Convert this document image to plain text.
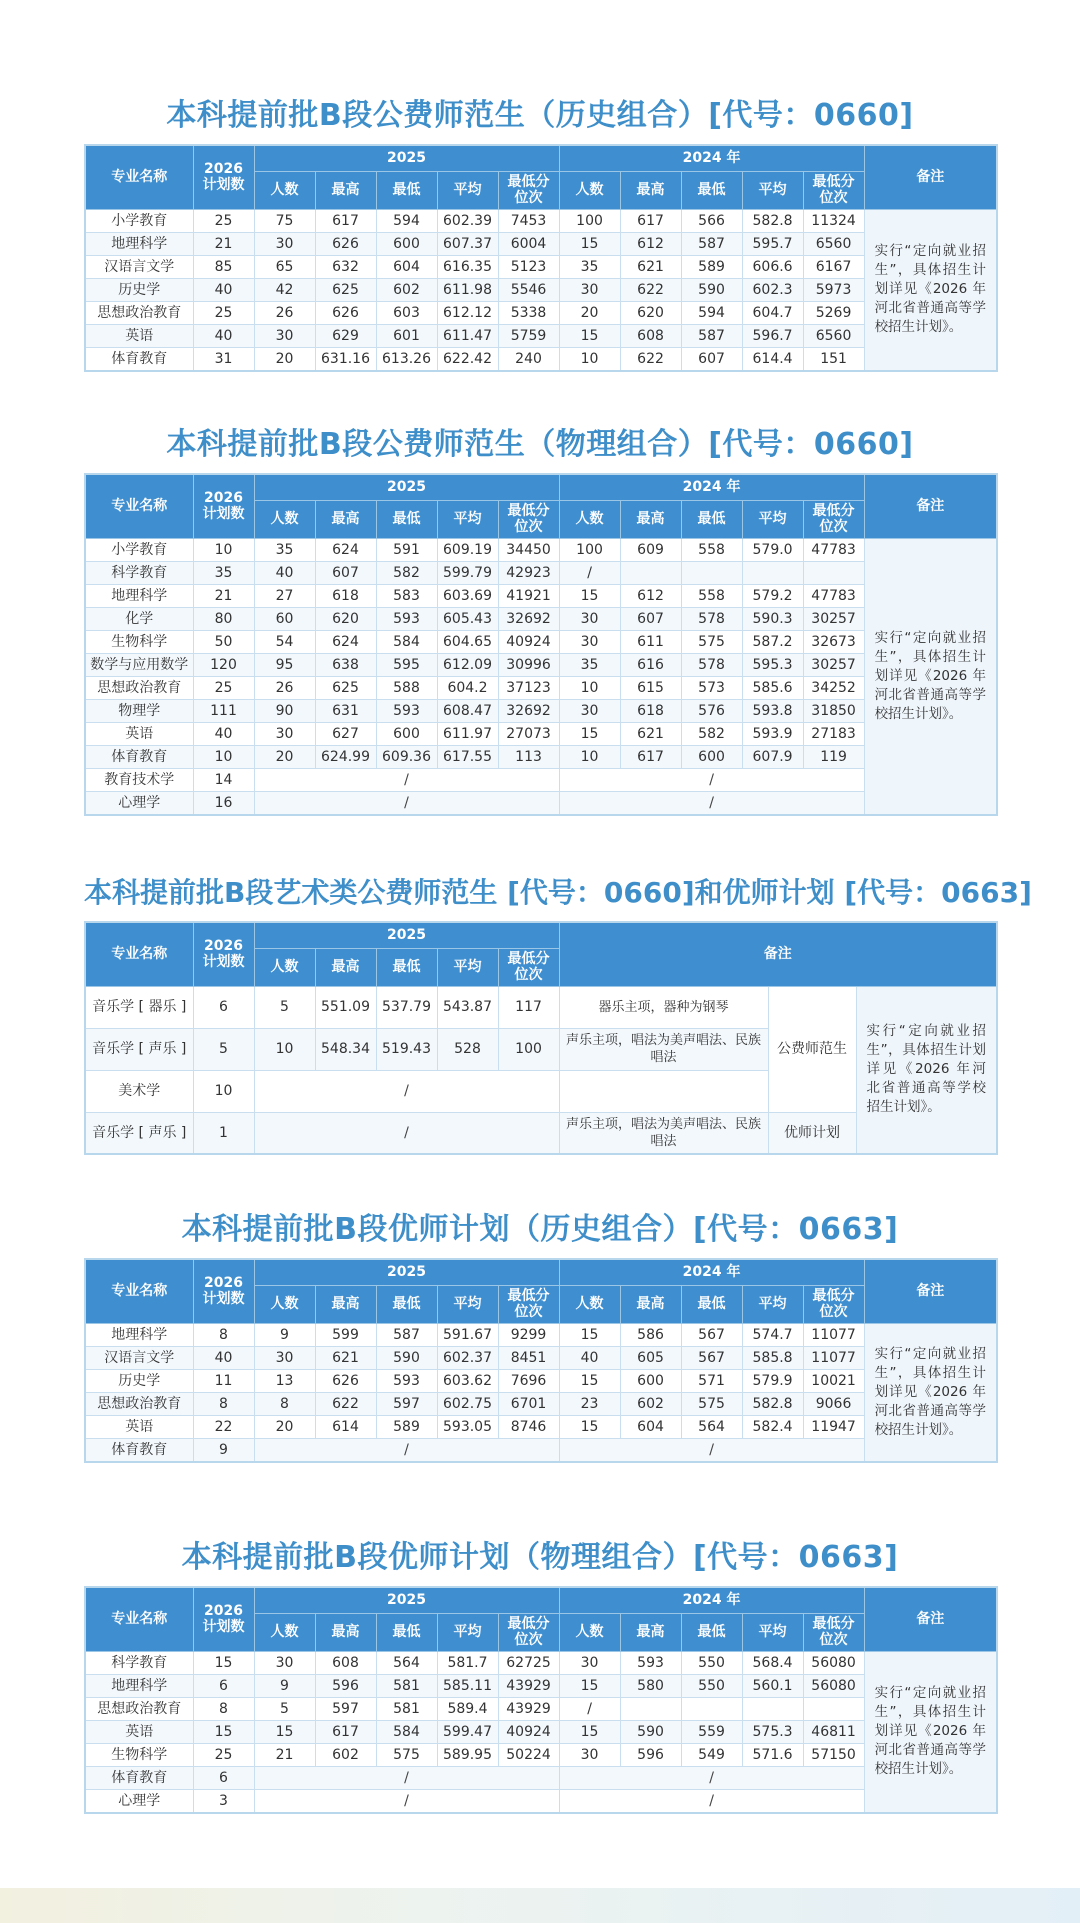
本科提前批B段公费师范生（历史组合）[代号：0660]
专业名称	2026
计划数	2025					2024 年					备注
		人数	最高	最低	平均	最低分
位次	人数	最高	最低	平均	最低分
位次	
小学教育	25	75	617	594	602.39	7453	100	617	566	582.8	11324	实行“定向就业招生”，具体招生计划详见《2026 年河北省普通高等学校招生计划》。
地理科学	21	30	626	600	607.37	6004	15	612	587	595.7	6560	
汉语言文学	85	65	632	604	616.35	5123	35	621	589	606.6	6167	
历史学	40	42	625	602	611.98	5546	30	622	590	602.3	5973	
思想政治教育	25	26	626	603	612.12	5338	20	620	594	604.7	5269	
英语	40	30	629	601	611.47	5759	15	608	587	596.7	6560	
体育教育	31	20	631.16	613.26	622.42	240	10	622	607	614.4	151	
本科提前批B段公费师范生（物理组合）[代号：0660]
专业名称	2026
计划数	2025					2024 年					备注
		人数	最高	最低	平均	最低分
位次	人数	最高	最低	平均	最低分
位次	
小学教育	10	35	624	591	609.19	34450	100	609	558	579.0	47783	实行“定向就业招生”，具体招生计划详见《2026 年河北省普通高等学校招生计划》。
科学教育	35	40	607	582	599.79	42923	/					
地理科学	21	27	618	583	603.69	41921	15	612	558	579.2	47783	
化学	80	60	620	593	605.43	32692	30	607	578	590.3	30257	
生物科学	50	54	624	584	604.65	40924	30	611	575	587.2	32673	
数学与应用数学	120	95	638	595	612.09	30996	35	616	578	595.3	30257	
思想政治教育	25	26	625	588	604.2	37123	10	615	573	585.6	34252	
物理学	111	90	631	593	608.47	32692	30	618	576	593.8	31850	
英语	40	30	627	600	611.97	27073	15	621	582	593.9	27183	
体育教育	10	20	624.99	609.36	617.55	113	10	617	600	607.9	119	
教育技术学	14	/					/					
心理学	16	/					/					
本科提前批B段艺术类公费师范生 [代号：0660]和优师计划 [代号：0663]
专业名称	2026
计划数	2025					备注		
		人数	最高	最低	平均	最低分
位次			
音乐学 [ 器乐 ]	6	5	551.09	537.79	543.87	117	器乐主项，器种为钢琴	公费师范生	实行“定向就业招生”，具体招生计划详见《2026 年河北省普通高等学校招生计划》。
音乐学 [ 声乐 ]	5	10	548.34	519.43	528	100	声乐主项，唱法为美声唱法、民族唱法		
美术学	10	/							
音乐学 [ 声乐 ]	1	/					声乐主项，唱法为美声唱法、民族唱法	优师计划	
本科提前批B段优师计划（历史组合）[代号：0663]
专业名称	2026
计划数	2025					2024 年					备注
		人数	最高	最低	平均	最低分
位次	人数	最高	最低	平均	最低分
位次	
地理科学	8	9	599	587	591.67	9299	15	586	567	574.7	11077	实行“定向就业招生”，具体招生计划详见《2026 年河北省普通高等学校招生计划》。
汉语言文学	40	30	621	590	602.37	8451	40	605	567	585.8	11077	
历史学	11	13	626	593	603.62	7696	15	600	571	579.9	10021	
思想政治教育	8	8	622	597	602.75	6701	23	602	575	582.8	9066	
英语	22	20	614	589	593.05	8746	15	604	564	582.4	11947	
体育教育	9	/					/					
本科提前批B段优师计划（物理组合）[代号：0663]
专业名称	2026
计划数	2025					2024 年					备注
		人数	最高	最低	平均	最低分
位次	人数	最高	最低	平均	最低分
位次	
科学教育	15	30	608	564	581.7	62725	30	593	550	568.4	56080	实行“定向就业招生”，具体招生计划详见《2026 年河北省普通高等学校招生计划》。
地理科学	6	9	596	581	585.11	43929	15	580	550	560.1	56080	
思想政治教育	8	5	597	581	589.4	43929	/					
英语	15	15	617	584	599.47	40924	15	590	559	575.3	46811	
生物科学	25	21	602	575	589.95	50224	30	596	549	571.6	57150	
体育教育	6	/					/					
心理学	3	/					/					
